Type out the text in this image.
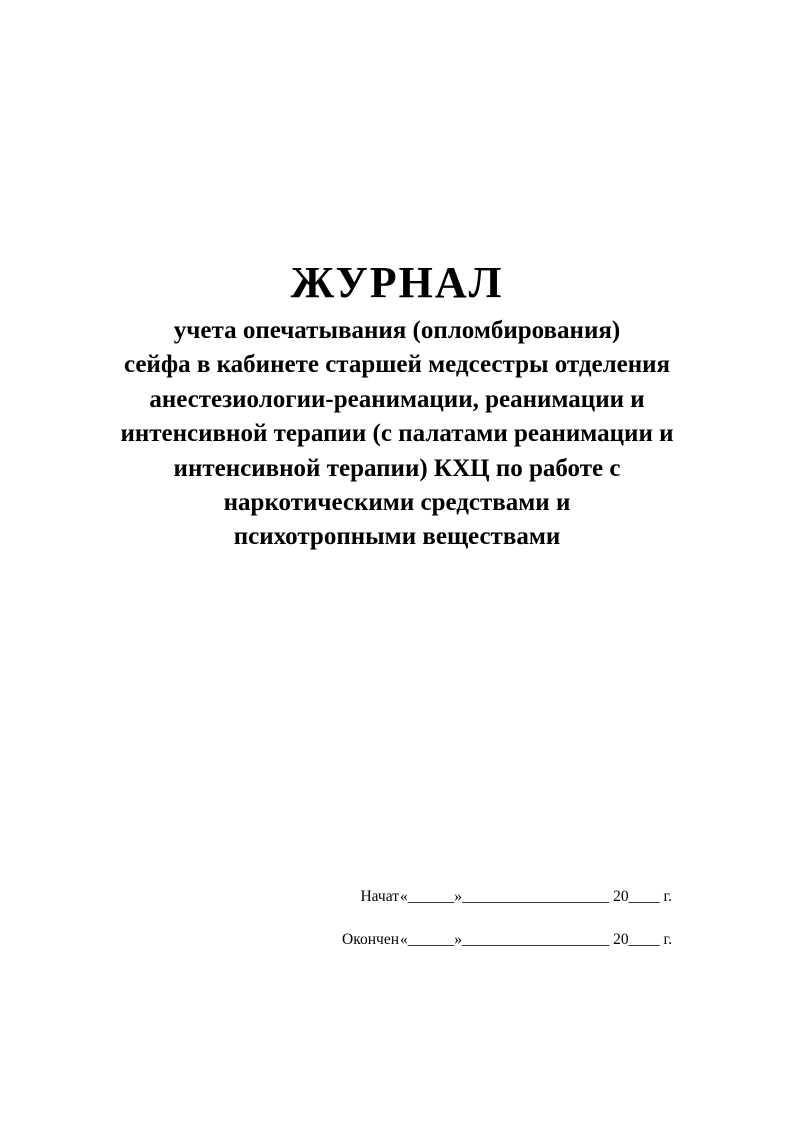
ЖУРНАЛ
учета опечатывания (опломбирования)
сейфа в кабинете старшей медсестры отделения
анестезиологии-реанимации, реанимации и
интенсивной терапии (с палатами реанимации и
интенсивной терапии) КХЦ по работе с
наркотическими средствами и
психотропными веществами
Начат «______»___________________ 20____ г.
Окончен «______»___________________ 20____ г.
